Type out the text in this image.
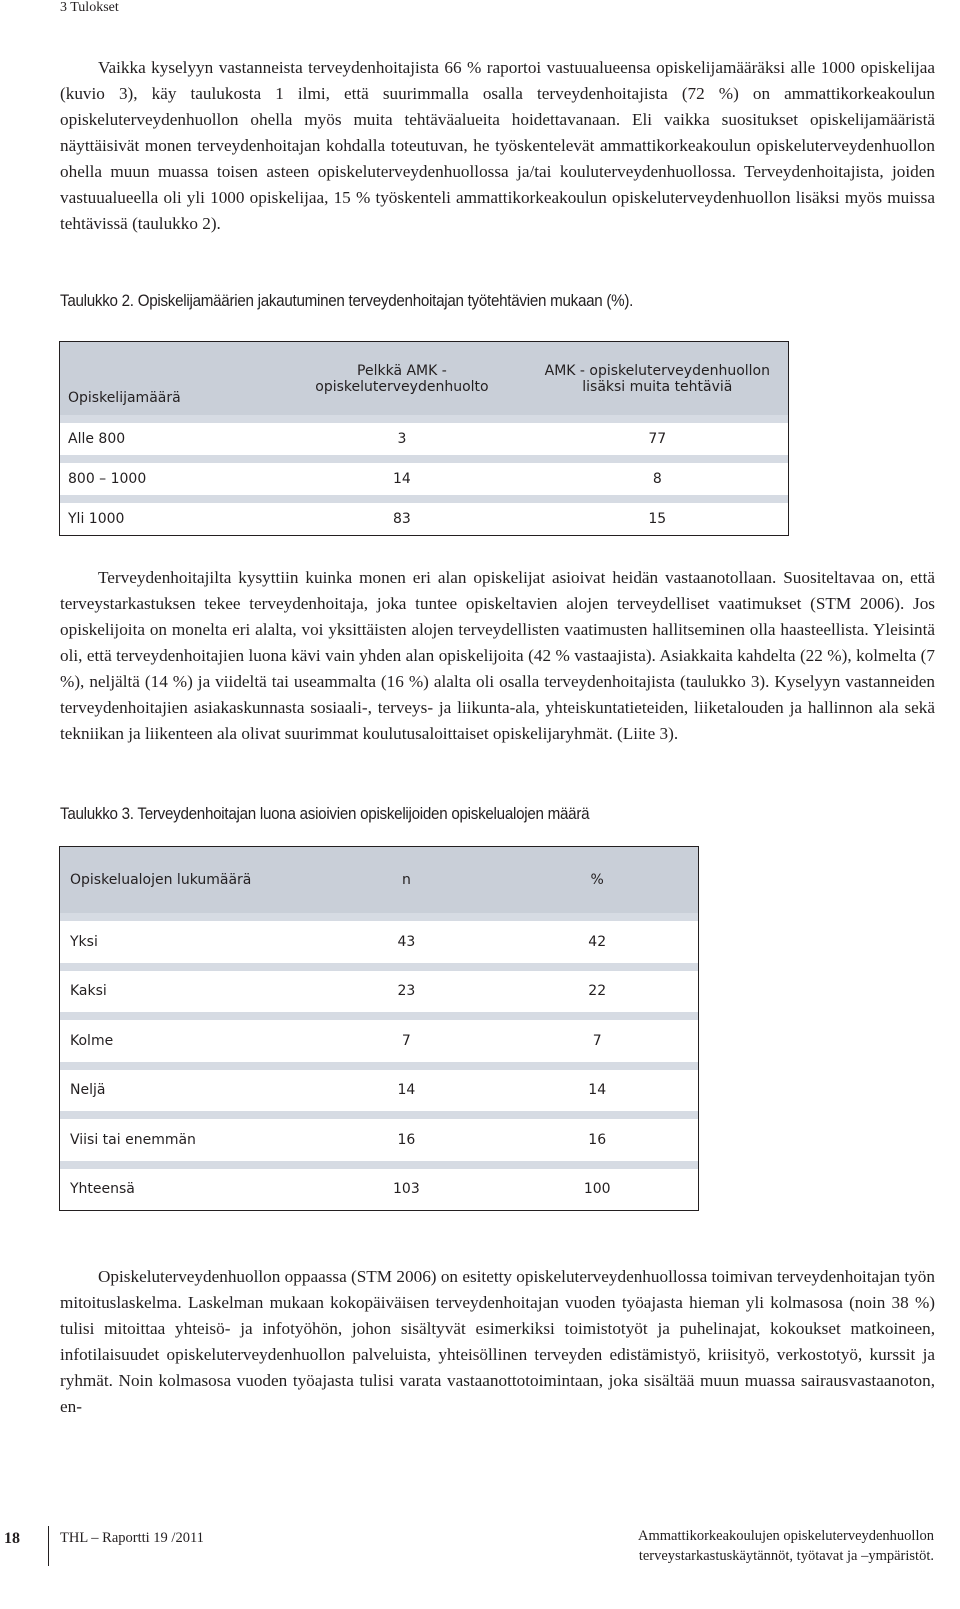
3 Tulokset

Vaikka kyselyyn vastanneista terveydenhoitajista 66 % raportoi vastuualueensa opiskelijamääräksi alle 1000 opiskelijaa (kuvio 3), käy taulukosta 1 ilmi, että suurimmalla osalla terveydenhoitajista (72 %) on ammattikorkeakoulun opiskeluterveydenhuollon ohella myös muita tehtäväalueita hoidettavanaan. Eli vaikka suositukset opiskelijamääristä näyttäisivät monen terveydenhoitajan kohdalla toteutuvan, he työskentelevät ammattikorkeakoulun opiskeluterveydenhuollon ohella muun muassa toisen asteen opiskeluterveydenhuollossa ja/tai kouluterveydenhuollossa. Terveydenhoitajista, joiden vastuualueella oli yli 1000 opiskelijaa, 15 % työskenteli ammattikorkeakoulun opiskeluterveydenhuollon lisäksi myös muissa tehtävissä (taulukko 2).

Taulukko 2. Opiskelijamäärien jakautuminen terveydenhoitajan työtehtävien mukaan (%).
Opiskelijamäärä	Pelkkä AMK - opiskeluterveydenhuolto	AMK - opiskeluterveydenhuollon lisäksi muita tehtäviä

Alle 800	3	77

800 – 1000	14	8

Yli 1000	83	15

Terveydenhoitajilta kysyttiin kuinka monen eri alan opiskelijat asioivat heidän vastaanotollaan. Suositeltavaa on, että terveystarkastuksen tekee terveydenhoitaja, joka tuntee opiskeltavien alojen terveydelliset vaatimukset (STM 2006). Jos opiskelijoita on monelta eri alalta, voi yksittäisten alojen terveydellisten vaatimusten hallitseminen olla haasteellista. Yleisintä oli, että terveydenhoitajien luona kävi vain yhden alan opiskelijoita (42 % vastaajista). Asiakkaita kahdelta (22 %), kolmelta (7 %), neljältä (14 %) ja viideltä tai useammalta (16 %) alalta oli osalla terveydenhoitajista (taulukko 3). Kyselyyn vastanneiden terveydenhoitajien asiakaskunnasta sosiaali-, terveys- ja liikunta-ala, yhteiskuntatieteiden, liiketalouden ja hallinnon ala sekä tekniikan ja liikenteen ala olivat suurimmat koulutusaloittaiset opiskelijaryhmät. (Liite 3).

Taulukko 3. Terveydenhoitajan luona asioivien opiskelijoiden opiskelualojen määrä
Opiskelualojen lukumäärä	n	%

Yksi	43	42

Kaksi	23	22

Kolme	7	7

Neljä	14	14

Viisi tai enemmän	16	16

Yhteensä	103	100

Opiskeluterveydenhuollon oppaassa (STM 2006) on esitetty opiskeluterveydenhuollossa toimivan terveydenhoitajan työn mitoituslaskelma. Laskelman mukaan kokopäiväisen terveydenhoitajan vuoden työajasta hieman yli kolmasosa (noin 38 %) tulisi mitoittaa yhteisö- ja infotyöhön, johon sisältyvät esimerkiksi toimistotyöt ja puhelinajat, kokoukset matkoineen, infotilaisuudet opiskeluterveydenhuollon palveluista, yhteisöllinen terveyden edistämistyö, kriisityö, verkostotyö, kurssit ja ryhmät. Noin kolmasosa vuoden työajasta tulisi varata vastaanottotoimintaan, joka sisältää muun muassa sairausvastaanoton, en-

18	THL – Raportti 19 /2011	Ammattikorkeakoulujen opiskeluterveydenhuollon
terveystarkastuskäytännöt, työtavat ja –ympäristöt.
